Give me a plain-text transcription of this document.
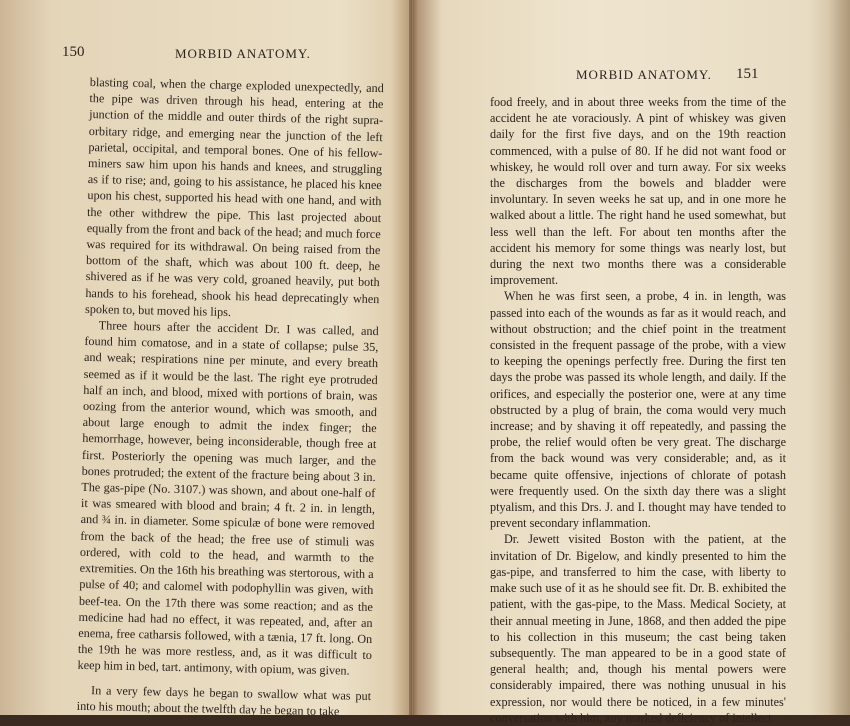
150	MORBID ANATOMY.

blasting coal, when the charge exploded unexpectedly, and the pipe was driven through his head, entering at the junction of the middle and outer thirds of the right supra-orbitary ridge, and emerging near the junction of the left parietal, occipital, and temporal bones. One of his fellow-miners saw him upon his hands and knees, and struggling as if to rise; and, going to his assistance, he placed his knee upon his chest, supported his head with one hand, and with the other withdrew the pipe. This last projected about equally from the front and back of the head; and much force was required for its withdrawal. On being raised from the bottom of the shaft, which was about 100 ft. deep, he shivered as if he was very cold, groaned heavily, put both hands to his forehead, shook his head deprecatingly when spoken to, but moved his lips.

Three hours after the accident Dr. I was called, and found him comatose, and in a state of collapse; pulse 35, and weak; respirations nine per minute, and every breath seemed as if it would be the last. The right eye protruded half an inch, and blood, mixed with portions of brain, was oozing from the anterior wound, which was smooth, and about large enough to admit the index finger; the hemorrhage, however, being inconsiderable, though free at first. Posteriorly the opening was much larger, and the bones protruded; the extent of the fracture being about 3 in. The gas-pipe (No. 3107.) was shown, and about one-half of it was smeared with blood and brain; 4 ft. 2 in. in length, and ¾ in. in diameter. Some spiculæ of bone were removed from the back of the head; the free use of stimuli was ordered, with cold to the head, and warmth to the extremities. On the 16th his breathing was stertorous, with a pulse of 40; and calomel with podophyllin was given, with beef-tea. On the 17th there was some reaction; and as the medicine had had no effect, it was repeated, and, after an enema, free catharsis followed, with a tænia, 17 ft. long. On the 19th he was more restless, and, as it was difficult to keep him in bed, tart. antimony, with opium, was given.

In a very few days he began to swallow what was put into his mouth; about the twelfth day he began to take

MORBID ANATOMY. 151

food freely, and in about three weeks from the time of the accident he ate voraciously. A pint of whiskey was given daily for the first five days, and on the 19th reaction commenced, with a pulse of 80. If he did not want food or whiskey, he would roll over and turn away. For six weeks the discharges from the bowels and bladder were involuntary. In seven weeks he sat up, and in one more he walked about a little. The right hand he used somewhat, but less well than the left. For about ten months after the accident his memory for some things was nearly lost, but during the next two months there was a considerable improvement.

When he was first seen, a probe, 4 in. in length, was passed into each of the wounds as far as it would reach, and without obstruction; and the chief point in the treatment consisted in the frequent passage of the probe, with a view to keeping the openings perfectly free. During the first ten days the probe was passed its whole length, and daily. If the orifices, and especially the posterior one, were at any time obstructed by a plug of brain, the coma would very much increase; and by shaving it off repeatedly, and passing the probe, the relief would often be very great. The discharge from the back wound was very considerable; and, as it became quite offensive, injections of chlorate of potash were frequently used. On the sixth day there was a slight ptyalism, and this Drs. J. and I. thought may have tended to prevent secondary inflammation.

Dr. Jewett visited Boston with the patient, at the invitation of Dr. Bigelow, and kindly presented to him the gas-pipe, and transferred to him the case, with liberty to make such use of it as he should see fit. Dr. B. exhibited the patient, with the gas-pipe, to the Mass. Medical Society, at their annual meeting in June, 1868, and then added the pipe to his collection in this museum; the cast being taken subsequently. The man appeared to be in a good state of general health; and, though his mental powers were considerably impaired, there was nothing unusual in his expression, nor would there be noticed, in a few minutes' conversation with him, any marked deficiency of intellect.
